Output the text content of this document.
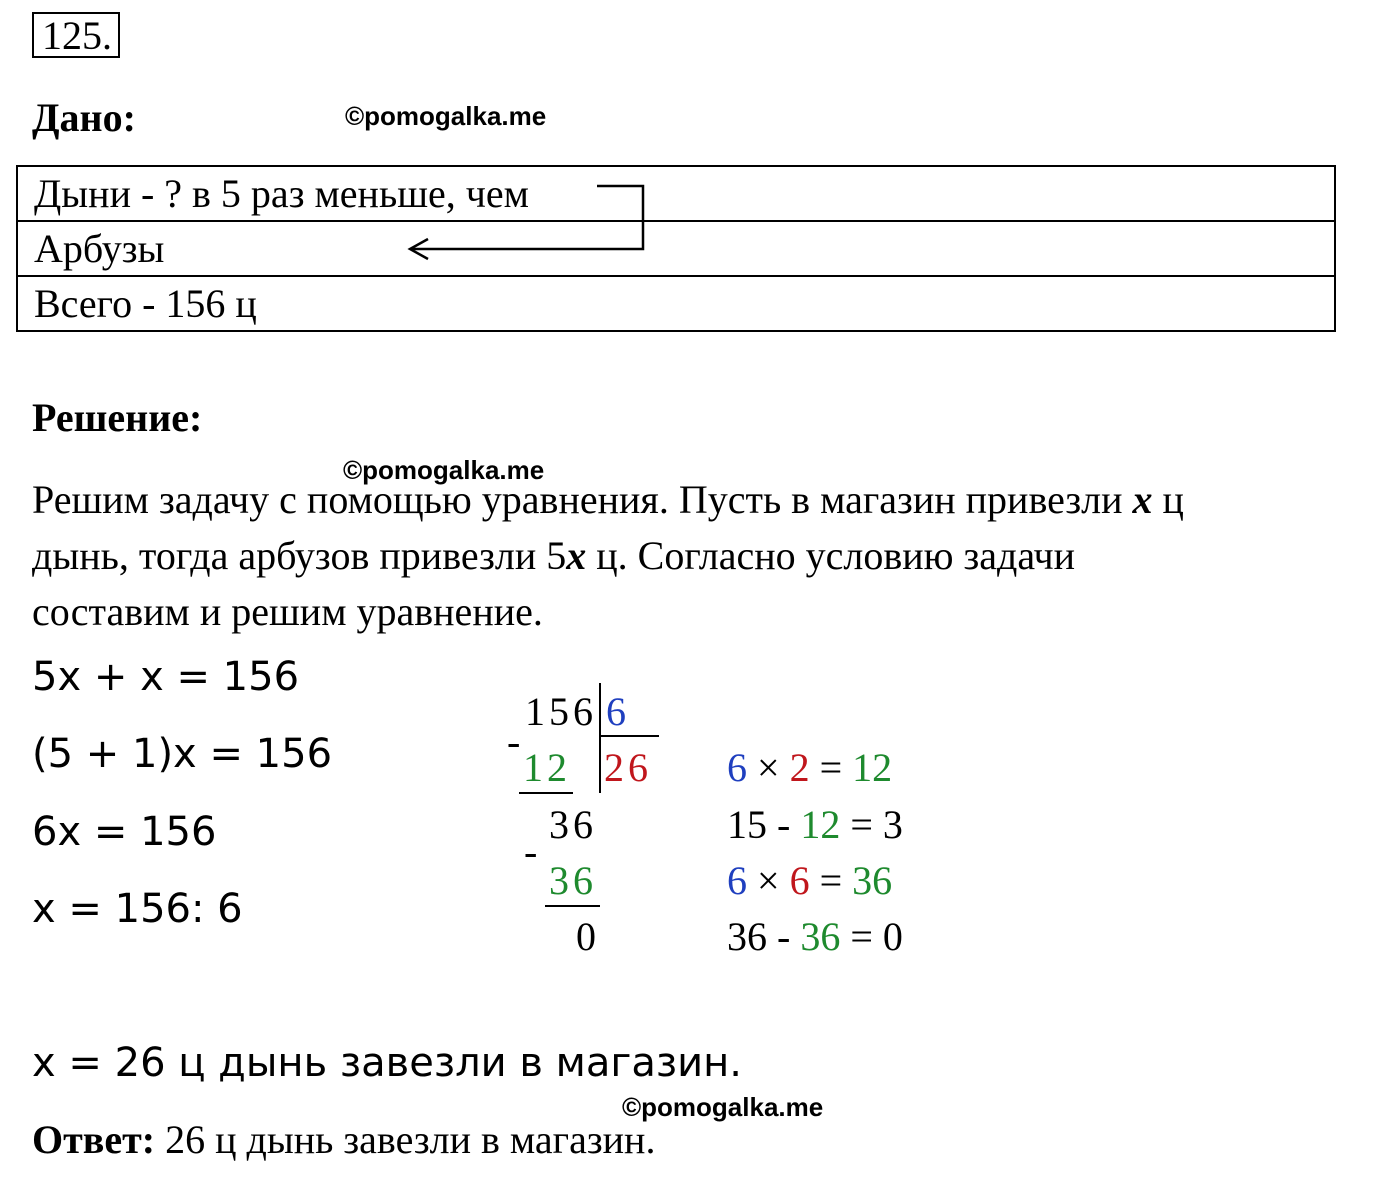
125.
Дано:	©pomogalka.me
Дыни - ? в 5 раз меньше, чем
Арбузы
Всего - 156 ц
Решение:
©pomogalka.me
Решим задачу с помощью уравнения. Пусть в магазин привезли x ц
дынь, тогда арбузов привезли 5x ц. Согласно условию задачи
составим и решим уравнение.
5x + x = 156
(5 + 1)x = 156
6x = 156
x = 156: 6
156 6
-
12 26
36
-
36
0
6 × 2 = 12
15 - 12 = 3
6 × 6 = 36
36 - 36 = 0
x = 26 ц дынь завезли в магазин.
©pomogalka.me
Ответ: 26 ц дынь завезли в магазин.
